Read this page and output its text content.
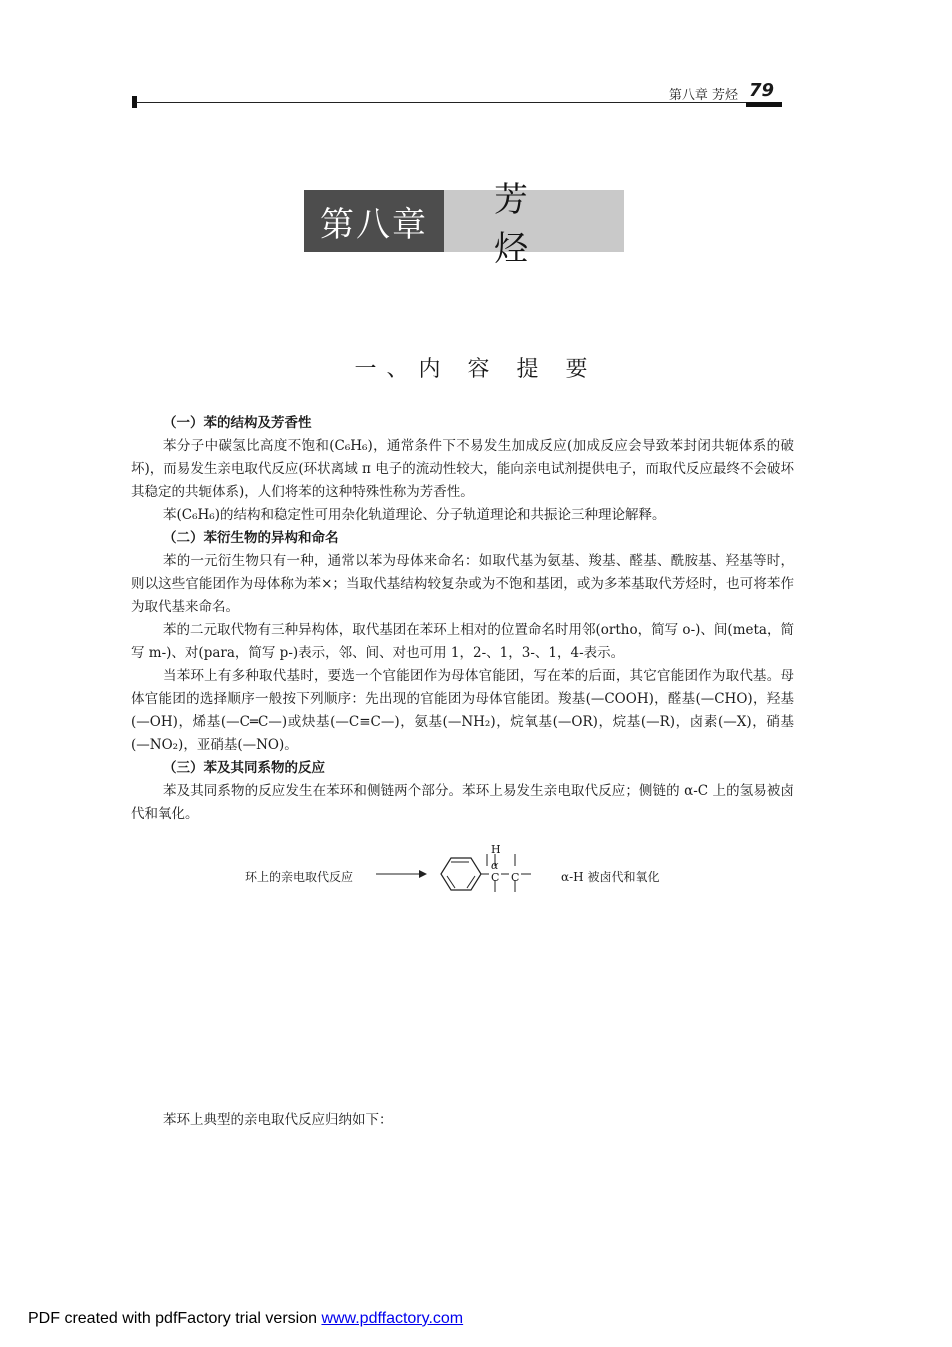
第八章 芳烃 79
第八章
芳 烃
一、内 容 提 要
（一）苯的结构及芳香性

苯分子中碳氢比高度不饱和(C₆H₆)，通常条件下不易发生加成反应(加成反应会导致苯封闭共轭体系的破坏)，而易发生亲电取代反应(环状离域 π 电子的流动性较大，能向亲电试剂提供电子，而取代反应最终不会破坏其稳定的共轭体系)，人们将苯的这种特殊性称为芳香性。

苯(C₆H₆)的结构和稳定性可用杂化轨道理论、分子轨道理论和共振论三种理论解释。

（二）苯衍生物的异构和命名

苯的一元衍生物只有一种，通常以苯为母体来命名：如取代基为氨基、羧基、醛基、酰胺基、羟基等时，则以这些官能团作为母体称为苯×；当取代基结构较复杂或为不饱和基团，或为多苯基取代芳烃时，也可将苯作为取代基来命名。

苯的二元取代物有三种异构体，取代基团在苯环上相对的位置命名时用邻(ortho，简写 o-)、间(meta，简写 m-)、对(para，简写 p-)表示，邻、间、对也可用 1，2-、1，3-、1，4-表示。

当苯环上有多种取代基时，要选一个官能团作为母体官能团，写在苯的后面，其它官能团作为取代基。母体官能团的选择顺序一般按下列顺序：先出现的官能团为母体官能团。羧基(—COOH)，醛基(—CHO)，羟基(—OH)，烯基(—C═C—)或炔基(—C≡C—)，氨基(—NH₂)，烷氧基(—OR)，烷基(—R)，卤素(—X)，硝基(—NO₂)，亚硝基(—NO)。

（三）苯及其同系物的反应

苯及其同系物的反应发生在苯环和侧链两个部分。苯环上易发生亲电取代反应；侧链的 α-C 上的氢易被卤代和氧化。

环上的亲电取代反应
H
α
C C	α-H 被卤代和氧化
苯环上典型的亲电取代反应归纳如下：
PDF created with pdfFactory trial version www.pdffactory.com
